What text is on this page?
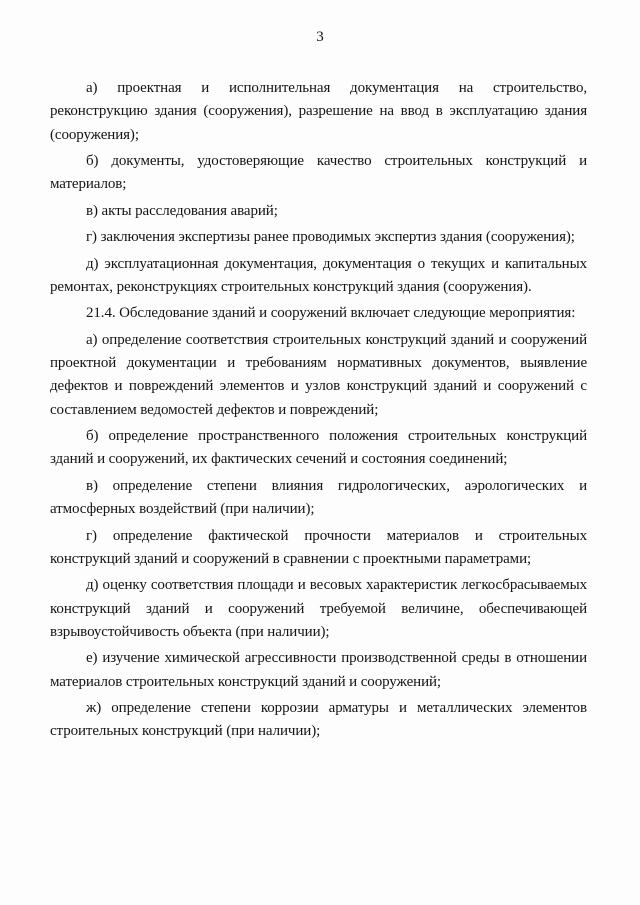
3

а) проектная и исполнительная документация на строительство, реконструкцию здания (сооружения), разрешение на ввод в эксплуатацию здания (сооружения);

б) документы, удостоверяющие качество строительных конструкций и материалов;

в) акты расследования аварий;

г) заключения экспертизы ранее проводимых экспертиз здания (сооружения);

д) эксплуатационная документация, документация о текущих и капитальных ремонтах, реконструкциях строительных конструкций здания (сооружения).

21.4. Обследование зданий и сооружений включает следующие мероприятия:

а) определение соответствия строительных конструкций зданий и сооружений проектной документации и требованиям нормативных документов, выявление дефектов и повреждений элементов и узлов конструкций зданий и сооружений с составлением ведомостей дефектов и повреждений;

б) определение пространственного положения строительных конструкций зданий и сооружений, их фактических сечений и состояния соединений;

в) определение степени влияния гидрологических, аэрологических и атмосферных воздействий (при наличии);

г) определение фактической прочности материалов и строительных конструкций зданий и сооружений в сравнении с проектными параметрами;

д) оценку соответствия площади и весовых характеристик легкосбрасываемых конструкций зданий и сооружений требуемой величине, обеспечивающей взрывоустойчивость объекта (при наличии);

е) изучение химической агрессивности производственной среды в отношении материалов строительных конструкций зданий и сооружений;

ж) определение степени коррозии арматуры и металлических элементов строительных конструкций (при наличии);
